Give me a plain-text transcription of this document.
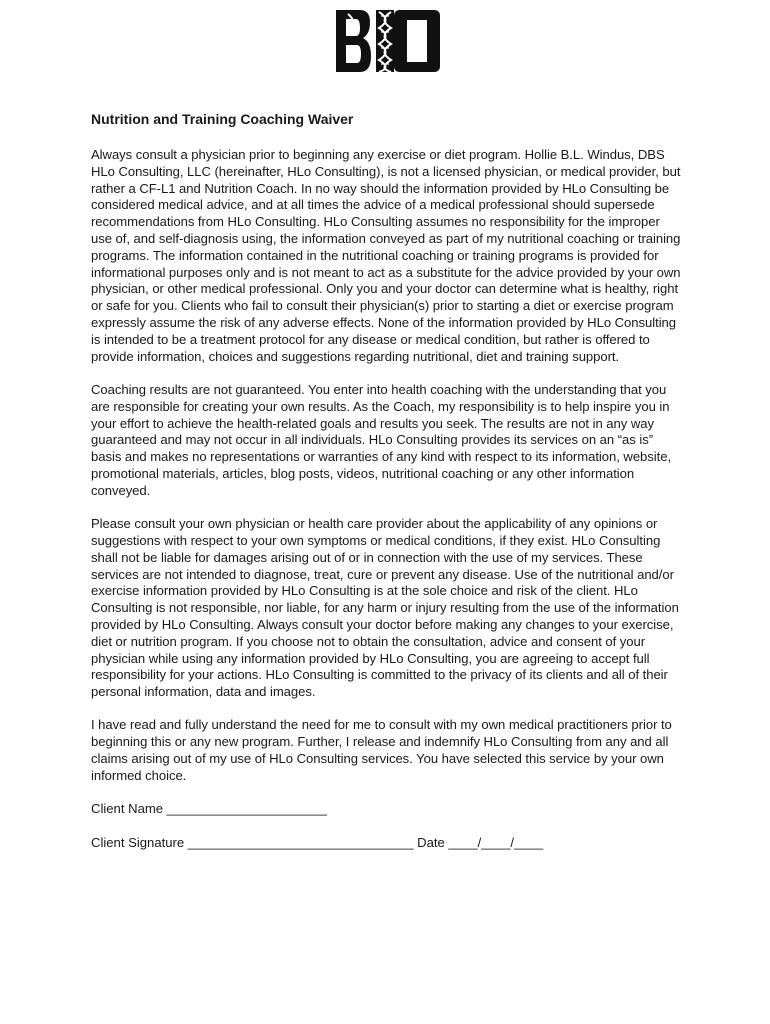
Nutrition and Training Coaching Waiver

Always consult a physician prior to beginning any exercise or diet program. Hollie B.L. Windus, DBS HLo Consulting, LLC (hereinafter, HLo Consulting), is not a licensed physician, or medical provider, but rather a CF-L1 and Nutrition Coach. In no way should the information provided by HLo Consulting be considered medical advice, and at all times the advice of a medical professional should supersede recommendations from HLo Consulting. HLo Consulting assumes no responsibility for the improper use of, and self-diagnosis using, the information conveyed as part of my nutritional coaching or training programs. The information contained in the nutritional coaching or training programs is provided for informational purposes only and is not meant to act as a substitute for the advice provided by your own physician, or other medical professional. Only you and your doctor can determine what is healthy, right or safe for you. Clients who fail to consult their physician(s) prior to starting a diet or exercise program expressly assume the risk of any adverse effects. None of the information provided by HLo Consulting is intended to be a treatment protocol for any disease or medical condition, but rather is offered to provide information, choices and suggestions regarding nutritional, diet and training support.

Coaching results are not guaranteed. You enter into health coaching with the understanding that you are responsible for creating your own results. As the Coach, my responsibility is to help inspire you in your effort to achieve the health-related goals and results you seek. The results are not in any way guaranteed and may not occur in all individuals. HLo Consulting provides its services on an “as is” basis and makes no representations or warranties of any kind with respect to its information, website, promotional materials, articles, blog posts, videos, nutritional coaching or any other information conveyed.

Please consult your own physician or health care provider about the applicability of any opinions or suggestions with respect to your own symptoms or medical conditions, if they exist. HLo Consulting shall not be liable for damages arising out of or in connection with the use of my services. These services are not intended to diagnose, treat, cure or prevent any disease. Use of the nutritional and/or exercise information provided by HLo Consulting is at the sole choice and risk of the client. HLo Consulting is not responsible, nor liable, for any harm or injury resulting from the use of the information provided by HLo Consulting. Always consult your doctor before making any changes to your exercise, diet or nutrition program. If you choose not to obtain the consultation, advice and consent of your physician while using any information provided by HLo Consulting, you are agreeing to accept full responsibility for your actions. HLo Consulting is committed to the privacy of its clients and all of their personal information, data and images.

I have read and fully understand the need for me to consult with my own medical practitioners prior to beginning this or any new program. Further, I release and indemnify HLo Consulting from any and all claims arising out of my use of HLo Consulting services. You have selected this service by your own informed choice.

Client Name ______________________
Client Signature _______________________________ Date ____/____/____
